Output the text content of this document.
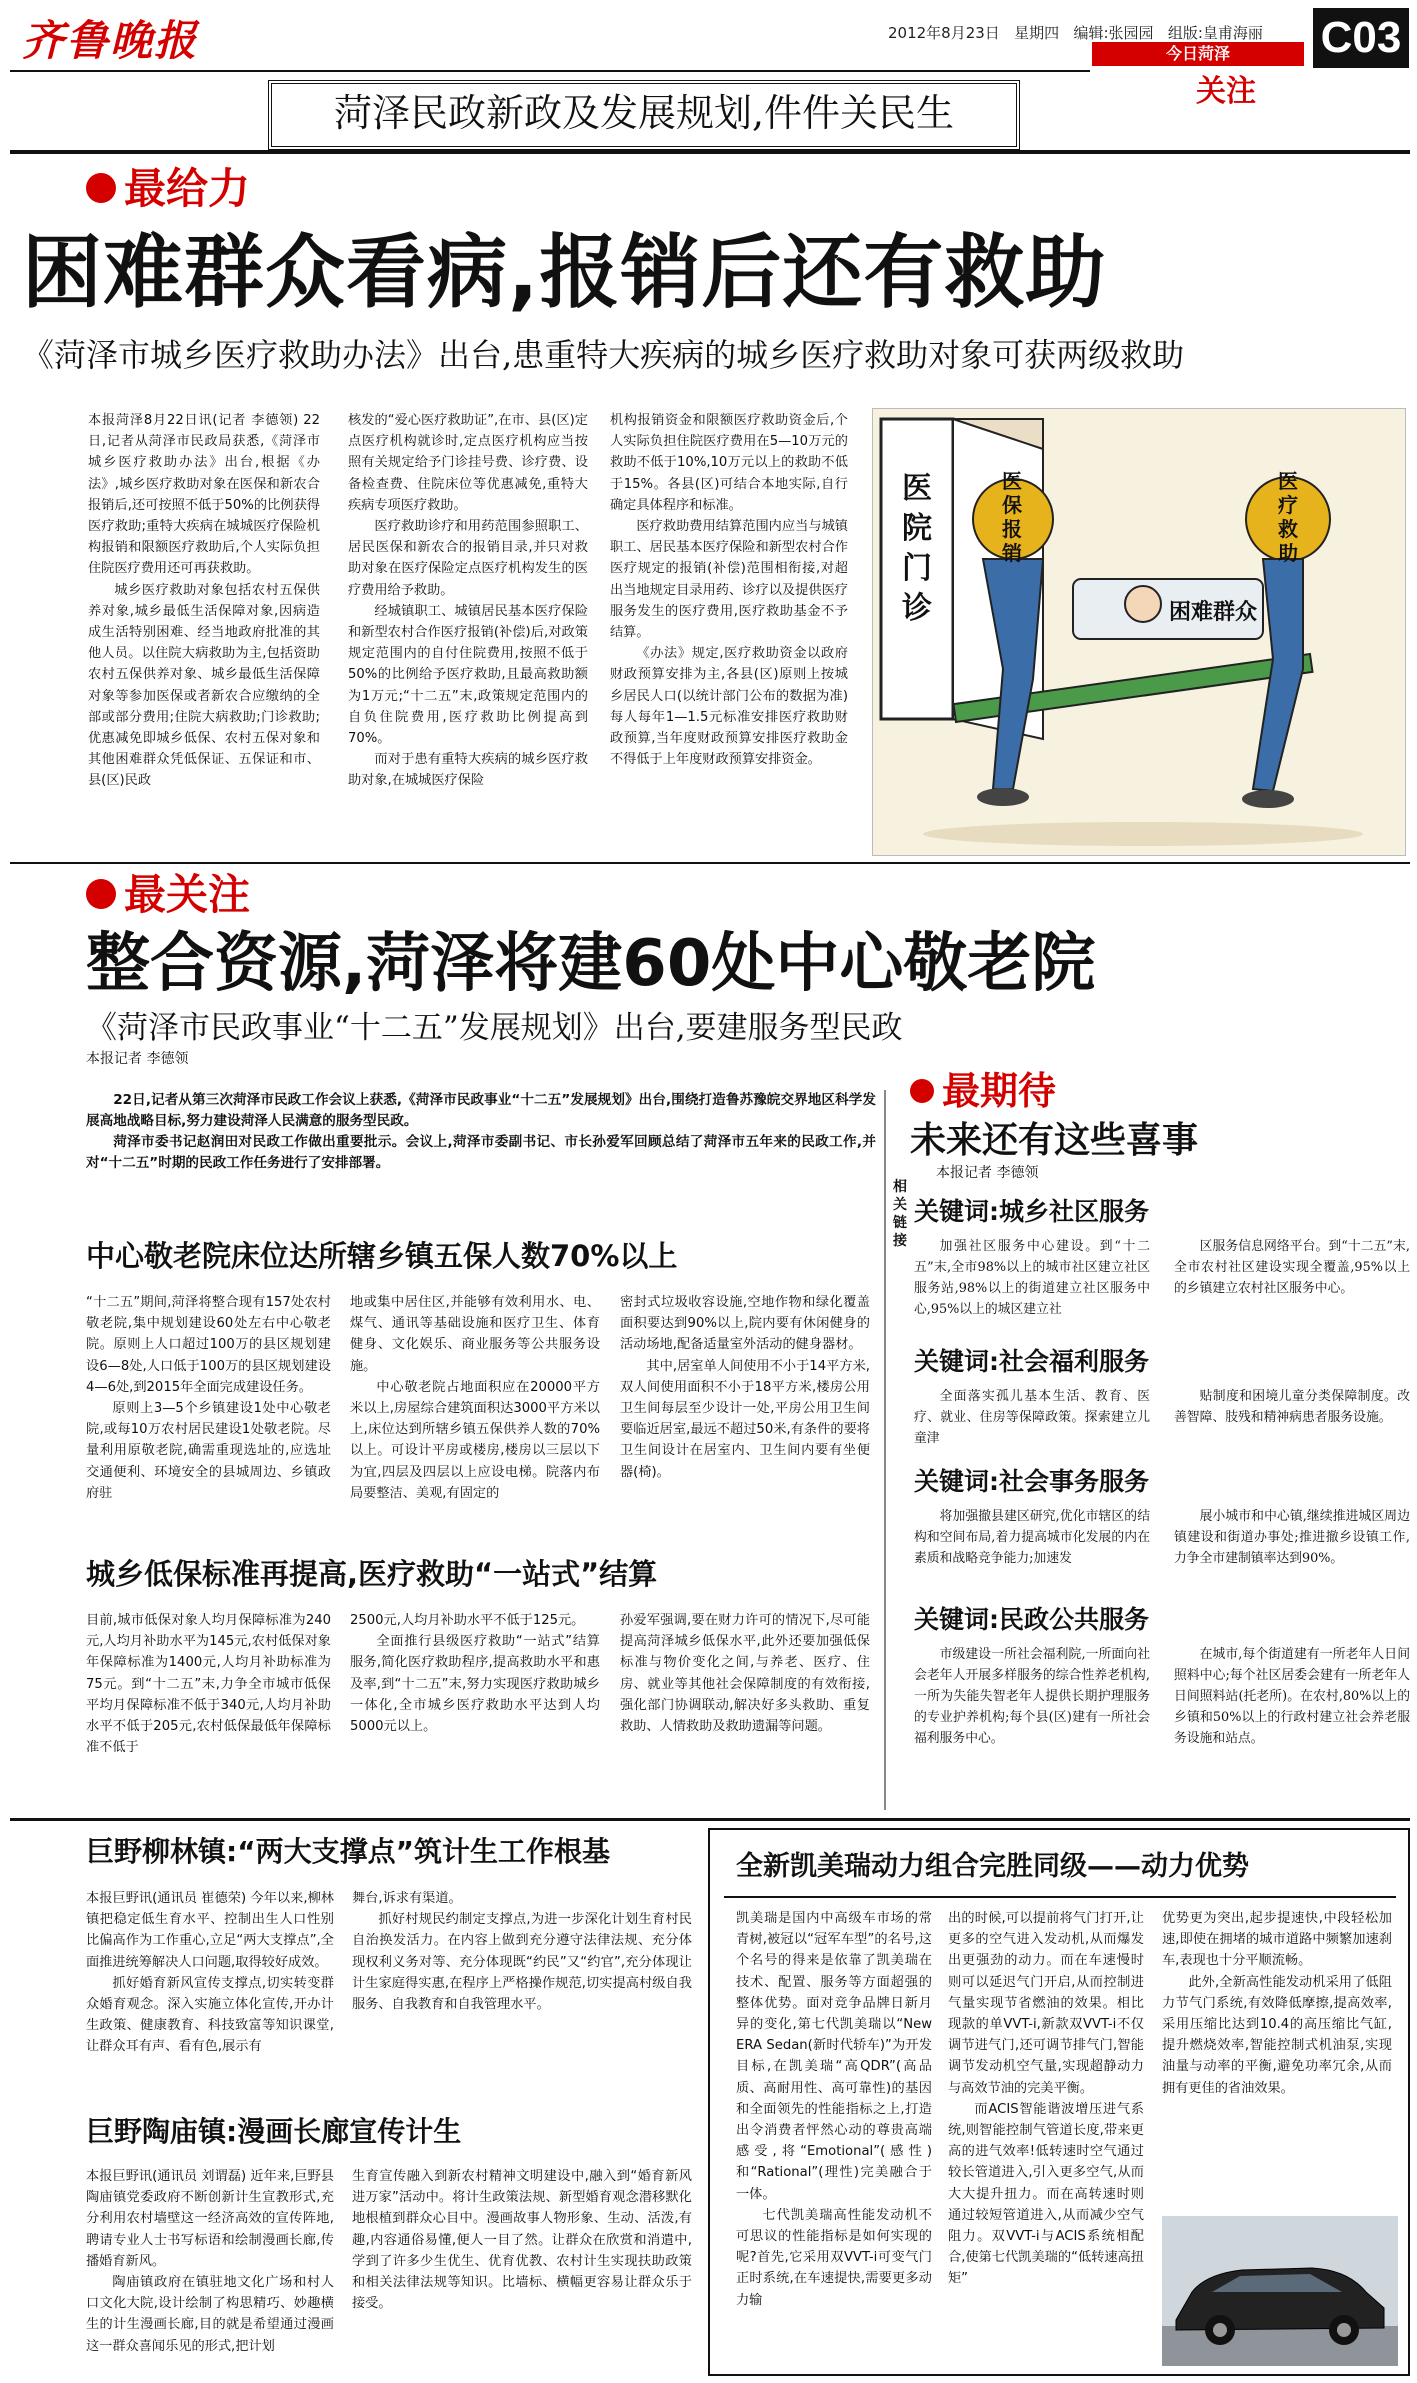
齐鲁晚报	2012年8月23日 星期四 编辑:张园园 组版:皇甫海丽
今日菏泽
关注
C03
菏泽民政新政及发展规划,件件关民生
最给力
困难群众看病,报销后还有救助
《菏泽市城乡医疗救助办法》出台,患重特大疾病的城乡医疗救助对象可获两级救助

本报菏泽8月22日讯(记者 李德领) 22日,记者从菏泽市民政局获悉,《菏泽市城乡医疗救助办法》出台,根据《办法》,城乡医疗救助对象在医保和新农合报销后,还可按照不低于50%的比例获得医疗救助;重特大疾病在城城医疗保险机构报销和限额医疗救助后,个人实际负担住院医疗费用还可再获救助。

城乡医疗救助对象包括农村五保供养对象,城乡最低生活保障对象,因病造成生活特别困难、经当地政府批准的其他人员。以住院大病救助为主,包括资助农村五保供养对象、城乡最低生活保障对象等参加医保或者新农合应缴纳的全部或部分费用;住院大病救助;门诊救助;优惠减免即城乡低保、农村五保对象和其他困难群众凭低保证、五保证和市、县(区)民政

核发的“爱心医疗救助证”,在市、县(区)定点医疗机构就诊时,定点医疗机构应当按照有关规定给予门诊挂号费、诊疗费、设备检查费、住院床位等优惠减免,重特大疾病专项医疗救助。

医疗救助诊疗和用药范围参照职工、居民医保和新农合的报销目录,并只对救助对象在医疗保险定点医疗机构发生的医疗费用给予救助。

经城镇职工、城镇居民基本医疗保险和新型农村合作医疗报销(补偿)后,对政策规定范围内的自付住院费用,按照不低于50%的比例给予医疗救助,且最高救助额为1万元;“十二五”末,政策规定范围内的自负住院费用,医疗救助比例提高到70%。

而对于患有重特大疾病的城乡医疗救助对象,在城城医疗保险

机构报销资金和限额医疗救助资金后,个人实际负担住院医疗费用在5—10万元的救助不低于10%,10万元以上的救助不低于15%。各县(区)可结合本地实际,自行确定具体程序和标准。

医疗救助费用结算范围内应当与城镇职工、居民基本医疗保险和新型农村合作医疗规定的报销(补偿)范围相衔接,对超出当地规定目录用药、诊疗以及提供医疗服务发生的医疗费用,医疗救助基金不予结算。

《办法》规定,医疗救助资金以政府财政预算安排为主,各县(区)原则上按城乡居民人口(以统计部门公布的数据为准)每人每年1—1.5元标准安排医疗救助财政预算,当年度财政预算安排医疗救助金不得低于上年度财政预算安排资金。

医院门诊
医保报销
医疗救助
困难群众
最关注
整合资源,菏泽将建60处中心敬老院
《菏泽市民政事业“十二五”发展规划》出台,要建服务型民政
本报记者 李德领

22日,记者从第三次菏泽市民政工作会议上获悉,《菏泽市民政事业“十二五”发展规划》出台,围绕打造鲁苏豫皖交界地区科学发展高地战略目标,努力建设菏泽人民满意的服务型民政。

菏泽市委书记赵润田对民政工作做出重要批示。会议上,菏泽市委副书记、市长孙爱军回顾总结了菏泽市五年来的民政工作,并对“十二五”时期的民政工作任务进行了安排部署。

中心敬老院床位达所辖乡镇五保人数70%以上

“十二五”期间,菏泽将整合现有157处农村敬老院,集中规划建设60处左右中心敬老院。原则上人口超过100万的县区规划建设6—8处,人口低于100万的县区规划建设4—6处,到2015年全面完成建设任务。

原则上3—5个乡镇建设1处中心敬老院,或每10万农村居民建设1处敬老院。尽量利用原敬老院,确需重现选址的,应选址交通便利、环境安全的县城周边、乡镇政府驻

地或集中居住区,并能够有效利用水、电、煤气、通讯等基础设施和医疗卫生、体育健身、文化娱乐、商业服务等公共服务设施。

中心敬老院占地面积应在20000平方米以上,房屋综合建筑面积达3000平方米以上,床位达到所辖乡镇五保供养人数的70%以上。可设计平房或楼房,楼房以三层以下为宜,四层及四层以上应设电梯。院落内布局要整洁、美观,有固定的

密封式垃圾收容设施,空地作物和绿化覆盖面积要达到90%以上,院内要有休闲健身的活动场地,配备适量室外活动的健身器材。

其中,居室单人间使用不小于14平方米,双人间使用面积不小于18平方米,楼房公用卫生间每层至少设计一处,平房公用卫生间要临近居室,最远不超过50米,有条件的要将卫生间设计在居室内、卫生间内要有坐便器(椅)。

城乡低保标准再提高,医疗救助“一站式”结算

目前,城市低保对象人均月保障标准为240元,人均月补助水平为145元,农村低保对象年保障标准为1400元,人均月补助标准为75元。到“十二五”末,力争全市城市低保平均月保障标准不低于340元,人均月补助水平不低于205元,农村低保最低年保障标准不低于

2500元,人均月补助水平不低于125元。

全面推行县级医疗救助“一站式”结算服务,简化医疗救助程序,提高救助水平和惠及率,到“十二五”末,努力实现医疗救助城乡一体化,全市城乡医疗救助水平达到人均5000元以上。

孙爱军强调,要在财力许可的情况下,尽可能提高菏泽城乡低保水平,此外还要加强低保标准与物价变化之间,与养老、医疗、住房、就业等其他社会保障制度的有效衔接,强化部门协调联动,解决好多头救助、重复救助、人情救助及救助遗漏等问题。

最期待
未来还有这些喜事
本报记者 李德领
相关链接
关键词:城乡社区服务

加强社区服务中心建设。到“十二五”末,全市98%以上的城市社区建立社区服务站,98%以上的街道建立社区服务中心,95%以上的城区建立社

区服务信息网络平台。到“十二五”末,全市农村社区建设实现全覆盖,95%以上的乡镇建立农村社区服务中心。

关键词:社会福利服务

全面落实孤儿基本生活、教育、医疗、就业、住房等保障政策。探索建立儿童津

贴制度和困境儿童分类保障制度。改善智障、肢残和精神病患者服务设施。

关键词:社会事务服务

将加强撤县建区研究,优化市辖区的结构和空间布局,着力提高城市化发展的内在素质和战略竞争能力;加速发

展小城市和中心镇,继续推进城区周边镇建设和街道办事处;推进撤乡设镇工作,力争全市建制镇率达到90%。

关键词:民政公共服务

市级建设一所社会福利院,一所面向社会老年人开展多样服务的综合性养老机构,一所为失能失智老年人提供长期护理服务的专业护养机构;每个县(区)建有一所社会福利服务中心。

在城市,每个街道建有一所老年人日间照料中心;每个社区居委会建有一所老年人日间照料站(托老所)。在农村,80%以上的乡镇和50%以上的行政村建立社会养老服务设施和站点。

巨野柳林镇:“两大支撑点”筑计生工作根基

本报巨野讯(通讯员 崔德荣) 今年以来,柳林镇把稳定低生育水平、控制出生人口性别比偏高作为工作重心,立足“两大支撑点”,全面推进统筹解决人口问题,取得较好成效。

抓好婚育新风宣传支撑点,切实转变群众婚育观念。深入实施立体化宣传,开办计生政策、健康教育、科技致富等知识课堂,让群众耳有声、看有色,展示有

舞台,诉求有渠道。

抓好村规民约制定支撑点,为进一步深化计划生育村民自治换发活力。在内容上做到充分遵守法律法规、充分体现权利义务对等、充分体现既“约民”又“约官”,充分体现让计生家庭得实惠,在程序上严格操作规范,切实提高村级自我服务、自我教育和自我管理水平。

巨野陶庙镇:漫画长廊宣传计生

本报巨野讯(通讯员 刘谓磊) 近年来,巨野县陶庙镇党委政府不断创新计生宣教形式,充分利用农村墙壁这一经济高效的宣传阵地,聘请专业人士书写标语和绘制漫画长廊,传播婚育新风。

陶庙镇政府在镇驻地文化广场和村人口文化大院,设计绘制了构思精巧、妙趣横生的计生漫画长廊,目的就是希望通过漫画这一群众喜闻乐见的形式,把计划

生育宣传融入到新农村精神文明建设中,融入到“婚育新风进万家”活动中。将计生政策法规、新型婚育观念潜移默化地根植到群众心目中。漫画故事人物形象、生动、活泼,有趣,内容通俗易懂,便人一目了然。让群众在欣赏和消遣中,学到了许多少生优生、优育优教、农村计生实现扶助政策和相关法律法规等知识。比墙标、横幅更容易让群众乐于接受。

全新凯美瑞动力组合完胜同级——动力优势

凯美瑞是国内中高级车市场的常青树,被冠以“冠军车型”的名号,这个名号的得来是依靠了凯美瑞在技术、配置、服务等方面超强的整体优势。面对竞争品牌日新月异的变化,第七代凯美瑞以“New ERA Sedan(新时代轿车)”为开发目标,在凯美瑞“高QDR”(高品质、高耐用性、高可靠性)的基因和全面领先的性能指标之上,打造出令消费者怦然心动的尊贵高端感受,将“Emotional”(感性)和“Rational”(理性)完美融合于一体。

七代凯美瑞高性能发动机不可思议的性能指标是如何实现的呢?首先,它采用双VVT-i可变气门正时系统,在车速提快,需要更多动力输

出的时候,可以提前将气门打开,让更多的空气进入发动机,从而爆发出更强劲的动力。而在车速慢时则可以延迟气门开启,从而控制进气量实现节省燃油的效果。相比现款的单VVT-i,新款双VVT-i不仅调节进气门,还可调节排气门,智能调节发动机空气量,实现超静动力与高效节油的完美平衡。

而ACIS智能谐波增压进气系统,则智能控制气管道长度,带来更高的进气效率!低转速时空气通过较长管道进入,引入更多空气,从而大大提升扭力。而在高转速时则通过较短管道进入,从而减少空气阻力。双VVT-i与ACIS系统相配合,使第七代凯美瑞的“低转速高扭矩”

优势更为突出,起步提速快,中段轻松加速,即使在拥堵的城市道路中频繁加速刹车,表现也十分平顺流畅。

此外,全新高性能发动机采用了低阻力节气门系统,有效降低摩擦,提高效率,采用压缩比达到10.4的高压缩比气缸,提升燃烧效率,智能控制式机油泵,实现油量与动率的平衡,避免功率冗余,从而拥有更佳的省油效果。
